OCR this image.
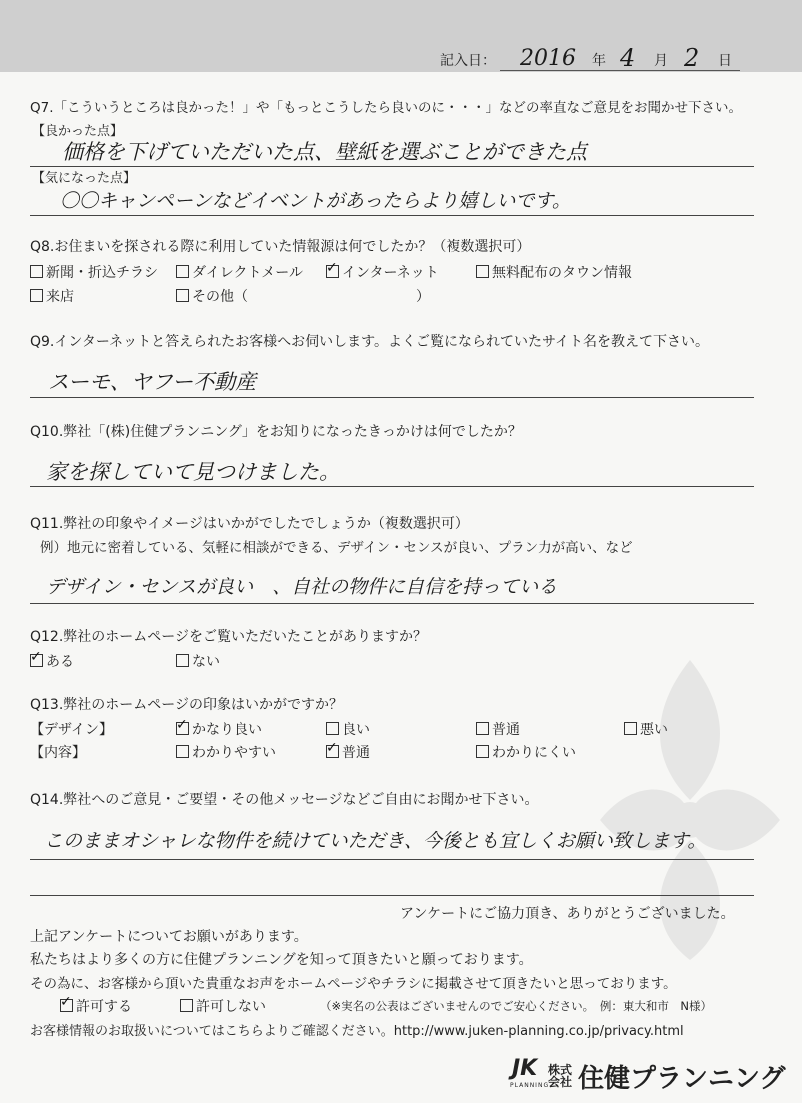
記入日： 2016 年 4 月 2 日
Q7.「こういうところは良かった！」や「もっとこうしたら良いのに・・・」などの率直なご意見をお聞かせ下さい。
【良かった点】
価格を下げていただいた点、壁紙を選ぶことができた点
【気になった点】
〇〇キャンペーンなどイベントがあったらより嬉しいです。
Q8.お住まいを探される際に利用していた情報源は何でしたか？（複数選択可）
新聞・折込チラシ	ダイレクトメール ✓	インターネット	無料配布のタウン情報
来店	その他（　　　　　　　　　　　　）
Q9.インターネットと答えられたお客様へお伺いします。よくご覧になられていたサイト名を教えて下さい。
スーモ、ヤフー不動産
Q10.弊社「(株)住健プランニング」をお知りになったきっかけは何でしたか？
家を探していて見つけました。
Q11.弊社の印象やイメージはいかがでしたでしょうか（複数選択可）
例）地元に密着している、気軽に相談ができる、デザイン・センスが良い、プラン力が高い、など
デザイン・センスが良い　、自社の物件に自信を持っている
Q12.弊社のホームページをご覧いただいたことがありますか？
✓ある	ない
Q13.弊社のホームページの印象はいかがですか？
【デザイン】 ✓	かなり良い	良い	普通	悪い
【内容】	わかりやすい ✓	普通	わかりにくい
Q14.弊社へのご意見・ご要望・その他メッセージなどご自由にお聞かせ下さい。
このままオシャレな物件を続けていただき、今後とも宜しくお願い致します。
アンケートにご協力頂き、ありがとうございました。
上記アンケートについてお願いがあります。
私たちはより多くの方に住健プランニングを知って頂きたいと願っております。
その為に、お客様から頂いた貴重なお声をホームページやチラシに掲載させて頂きたいと思っております。
✓許可する	許可しない	（※実名の公表はございませんのでご安心ください。　例：東大和市　N様）
お客様情報のお取扱いについてはこちらよりご確認ください。http://www.juken-planning.co.jp/privacy.html
JK
PLANNING
株式会社 住健プランニング
